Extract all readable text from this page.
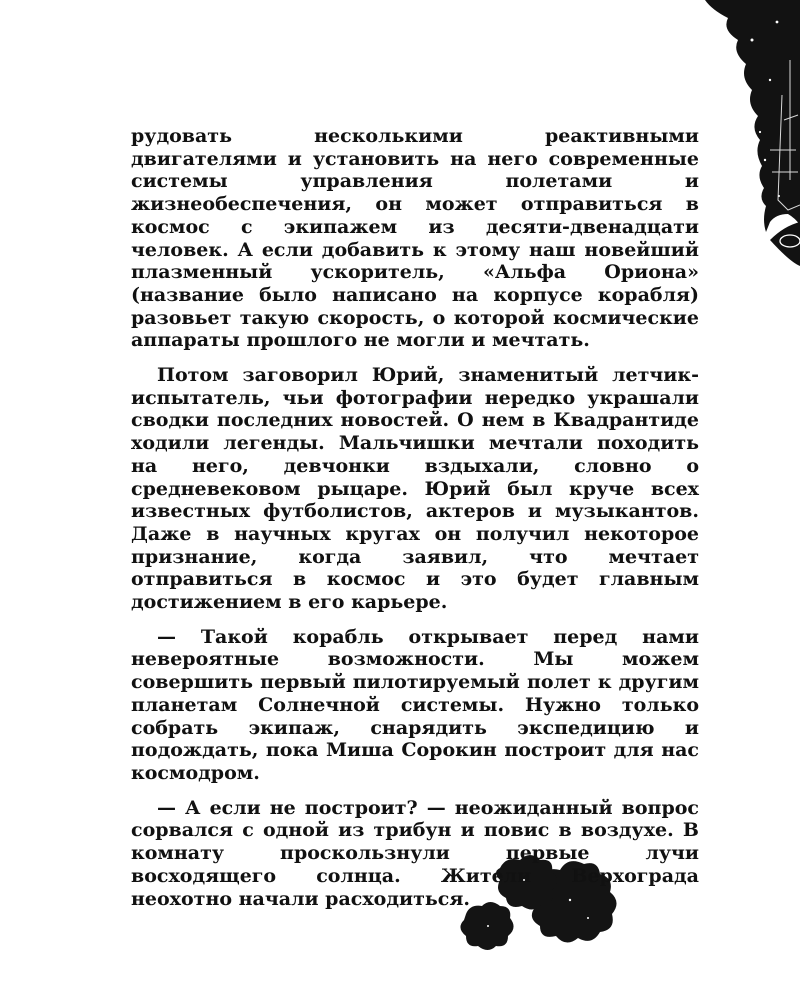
рудовать несколькими реактивными двигателями и установить на него современные системы управления полетами и жизнеобеспечения, он может отправиться в космос с экипажем из десяти-двенадцати человек. А если добавить к этому наш новейший плазменный ускоритель, «Альфа Ориона» (название было написано на корпусе корабля) разовьет такую скорость, о которой космические аппараты прошлого не могли и мечтать.

Потом заговорил Юрий, знаменитый летчик-испытатель, чьи фотографии нередко украшали сводки последних новостей. О нем в Квадрантиде ходили легенды. Мальчишки мечтали походить на него, девчонки вздыхали, словно о средневековом рыцаре. Юрий был круче всех известных футболистов, актеров и музыкантов. Даже в научных кругах он получил некоторое признание, когда заявил, что мечтает отправиться в космос и это будет главным достижением в его карьере.

— Такой корабль открывает перед нами невероятные возможности. Мы можем совершить первый пилотируемый полет к другим планетам Солнечной системы. Нужно только собрать экипаж, снарядить экспедицию и подождать, пока Миша Сорокин построит для нас космодром.

— А если не построит? — неожиданный вопрос сорвался с одной из трибун и повис в воздухе. В комнату проскользнули первые лучи восходящего солнца. Жители Верхограда неохотно начали расходиться.
